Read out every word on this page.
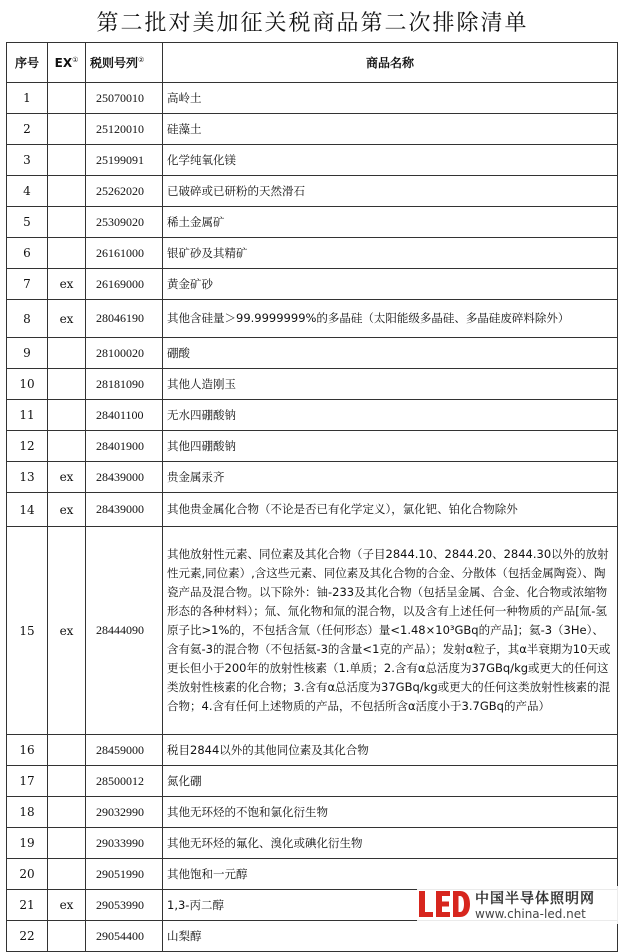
第二批对美加征关税商品第二次排除清单
序号	EX①	税则号列②	商品名称
1		25070010	高岭土
2		25120010	硅藻土
3		25199091	化学纯氧化镁
4		25262020	已破碎或已研粉的天然滑石
5		25309020	稀土金属矿
6		26161000	银矿砂及其精矿
7	ex	26169000	黄金矿砂
8	ex	28046190	其他含硅量＞99.9999999%的多晶硅（太阳能级多晶硅、多晶硅废碎料除外）
9		28100020	硼酸
10		28181090	其他人造刚玉
11		28401100	无水四硼酸钠
12		28401900	其他四硼酸钠
13	ex	28439000	贵金属汞齐
14	ex	28439000	其他贵金属化合物（不论是否已有化学定义），氯化钯、铂化合物除外
15	ex	28444090	其他放射性元素、同位素及其化合物（子目2844.10、2844.20、2844.30以外的放射性元素,同位素）,含这些元素、同位素及其化合物的合金、分散体（包括金属陶瓷）、陶瓷产品及混合物。以下除外：铀-233及其化合物（包括呈金属、合金、化合物或浓缩物形态的各种材料）；氚、氚化物和氚的混合物，以及含有上述任何一种物质的产品[氚-氢原子比>1%的，不包括含氚（任何形态）量<1.48×10³GBq的产品]；氦-3（3He）、含有氦-3的混合物（不包括氦-3的含量<1克的产品）；发射α粒子，其α半衰期为10天或更长但小于200年的放射性核素（1.单质；2.含有α总活度为37GBq/kg或更大的任何这类放射性核素的化合物；3.含有α总活度为37GBq/kg或更大的任何这类放射性核素的混合物；4.含有任何上述物质的产品，不包括所含α活度小于3.7GBq的产品）
16		28459000	税目2844以外的其他同位素及其化合物
17		28500012	氮化硼
18		29032990	其他无环烃的不饱和氯化衍生物
19		29033990	其他无环烃的氟化、溴化或碘化衍生物
20		29051990	其他饱和一元醇
21	ex	29053990	1,3-丙二醇
22		29054400	山梨醇
中国半导体照明网
www.china-led.net
